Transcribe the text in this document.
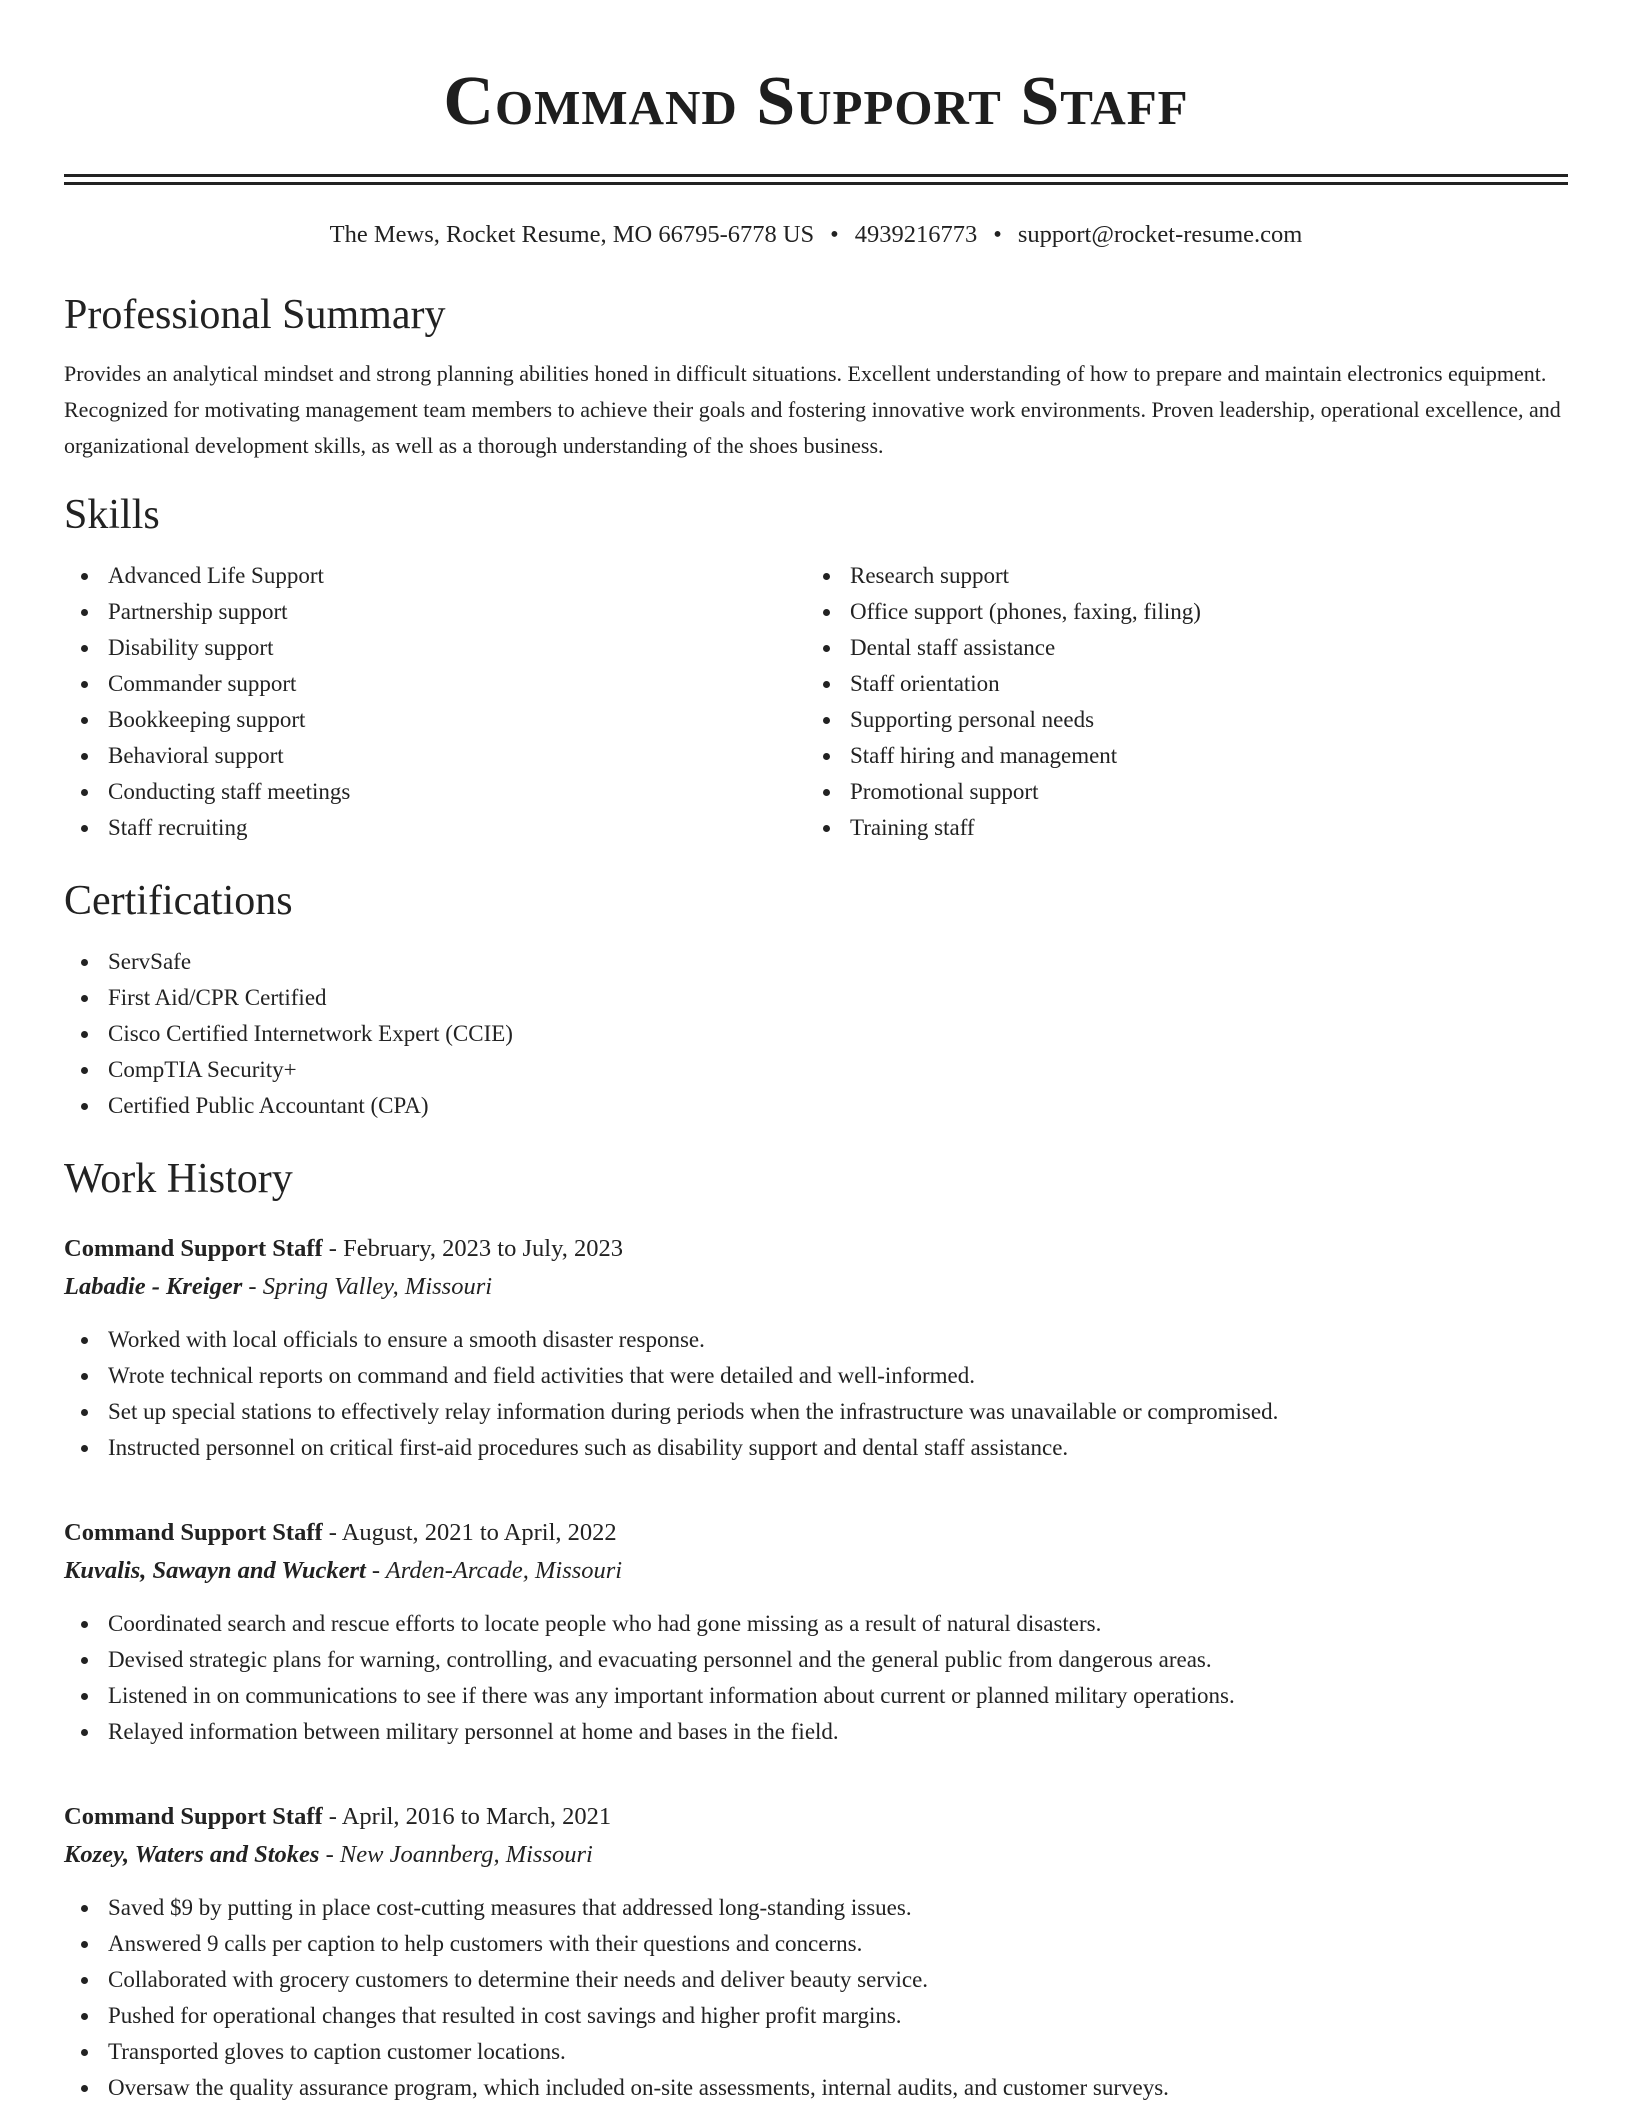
Command Support Staff
The Mews, Rocket Resume, MO 66795-6778 US • 4939216773 • support@rocket-resume.com
Professional Summary

Provides an analytical mindset and strong planning abilities honed in difficult situations. Excellent understanding of how to prepare and maintain electronics equipment. Recognized for motivating management team members to achieve their goals and fostering innovative work environments. Proven leadership, operational excellence, and organizational development skills, as well as a thorough understanding of the shoes business.

Skills
Advanced Life Support
Partnership support
Disability support
Commander support
Bookkeeping support
Behavioral support
Conducting staff meetings
Staff recruiting
Research support
Office support (phones, faxing, filing)
Dental staff assistance
Staff orientation
Supporting personal needs
Staff hiring and management
Promotional support
Training staff
Certifications
ServSafe
First Aid/CPR Certified
Cisco Certified Internetwork Expert (CCIE)
CompTIA Security+
Certified Public Accountant (CPA)
Work History
Command Support Staff - February, 2023 to July, 2023
Labadie - Kreiger - Spring Valley, Missouri
Worked with local officials to ensure a smooth disaster response.
Wrote technical reports on command and field activities that were detailed and well-informed.
Set up special stations to effectively relay information during periods when the infrastructure was unavailable or compromised.
Instructed personnel on critical first-aid procedures such as disability support and dental staff assistance.
Command Support Staff - August, 2021 to April, 2022
Kuvalis, Sawayn and Wuckert - Arden-Arcade, Missouri
Coordinated search and rescue efforts to locate people who had gone missing as a result of natural disasters.
Devised strategic plans for warning, controlling, and evacuating personnel and the general public from dangerous areas.
Listened in on communications to see if there was any important information about current or planned military operations.
Relayed information between military personnel at home and bases in the field.
Command Support Staff - April, 2016 to March, 2021
Kozey, Waters and Stokes - New Joannberg, Missouri
Saved $9 by putting in place cost-cutting measures that addressed long-standing issues.
Answered 9 calls per caption to help customers with their questions and concerns.
Collaborated with grocery customers to determine their needs and deliver beauty service.
Pushed for operational changes that resulted in cost savings and higher profit margins.
Transported gloves to caption customer locations.
Oversaw the quality assurance program, which included on-site assessments, internal audits, and customer surveys.
